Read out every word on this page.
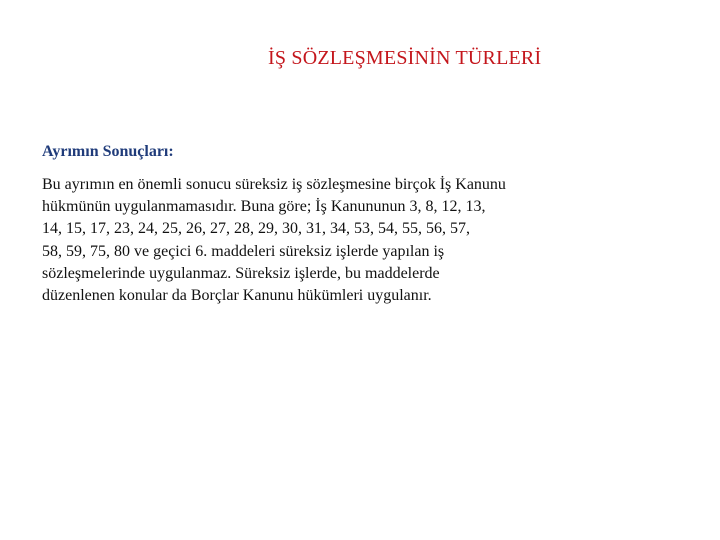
İŞ SÖZLEŞMESİNİN TÜRLERİ
Ayrımın Sonuçları:

Bu ayrımın en önemli sonucu süreksiz iş sözleşmesine birçok İş Kanunu
hükmünün uygulanmamasıdır. Buna göre; İş Kanununun 3, 8, 12, 13,
14, 15, 17, 23, 24, 25, 26, 27, 28, 29, 30, 31, 34, 53, 54, 55, 56, 57,
58, 59, 75, 80 ve geçici 6. maddeleri süreksiz işlerde yapılan iş
sözleşmelerinde uygulanmaz. Süreksiz işlerde, bu maddelerde
düzenlenen konular da Borçlar Kanunu hükümleri uygulanır.
